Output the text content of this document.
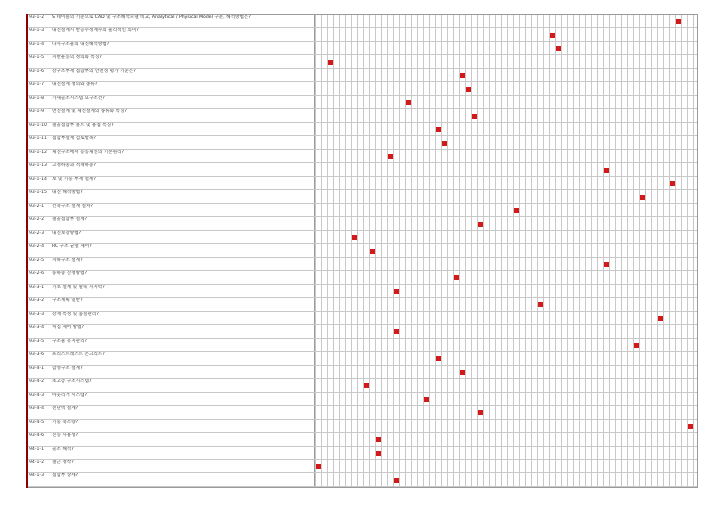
93-1-2	S 테이블의 기준으로 CAD 및 구조해석모델 비교, Analytical / Physical Model 구분, 해석방법은?
93-1-3	내진설계시 반응수정계수의 물리적인 의미?
93-1-4	나사구조물의 내진해석방법?
93-1-5	지반운동의 정의와 특징?
93-1-6	강구조부재 접합부의 안전성 평가 기준은?
93-1-7	내진설계 정의와 종류?
93-1-8	가새골조시스템 요구조건?
93-1-9	면진설계 및 제진설계의 종류와 특징?
93-1-10	철골접합부 볼트 및 용접 특징?
93-1-11	접합부설계 검토항목?
93-1-12	제진구조에서 능동제진의 기본원리?
93-1-13	고정하중과 적재하중?
93-1-14	보 및 기둥 부재 설계?
93-1-15	내진 해석방법?
93-2-1	건축구조 설계 절차?
93-2-2	철골접합부 설계?
93-2-3	내진보강방법?
93-2-4	RC 구조 균열 제어?
93-2-5	지하구조 설계?
93-2-6	풍하중 산정방법?
93-3-1	기초 설계 및 말뚝 지지력?
93-3-2	구조계획 일반?
93-3-3	강재 특성 및 품질관리?
93-3-4	처짐 제어 방법?
93-3-5	구조물 유지관리?
93-3-6	프리스트레스트 콘크리트?
93-4-1	합성구조 설계?
93-4-2	초고층 구조시스템?
93-4-3	아웃리거 시스템?
93-4-4	전단벽 설계?
93-4-5	기둥 축소량?
93-4-6	진동 사용성?
94-1-1	골조 해석?
94-1-2	철근 정착?
94-1-3	접합부 상세?
